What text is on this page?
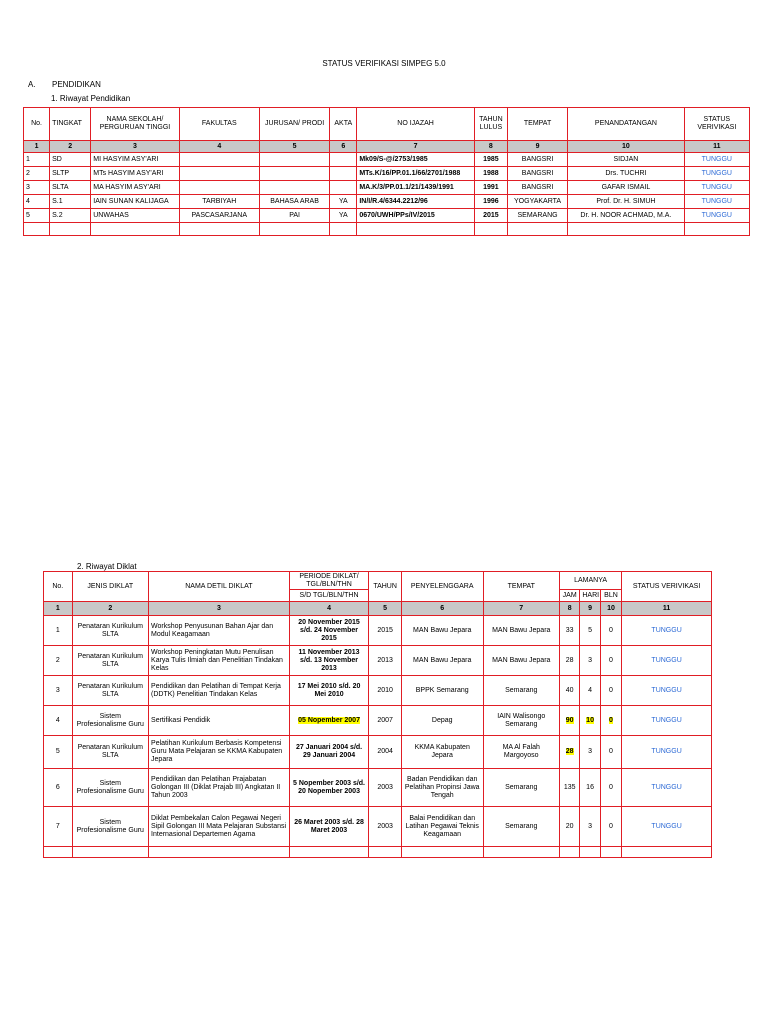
STATUS VERIFIKASI SIMPEG 5.0
A. PENDIDIKAN
1. Riwayat Pendidikan
No.	TINGKAT	NAMA SEKOLAH/ PERGURUAN TINGGI	FAKULTAS	JURUSAN/ PRODI	AKTA	NO IJAZAH	TAHUN LULUS	TEMPAT	PENANDATANGAN	STATUS VERIVIKASI
1	2	3	4	5	6	7	8	9	10	11
1	SD	MI HASYIM ASY'ARI				Mk09/S-@/2753/1985	1985	BANGSRI	SIDJAN	TUNGGU
2	SLTP	MTs HASYIM ASY'ARI				MTs.K/16/PP.01.1/66/2701/1988	1988	BANGSRI	Drs. TUCHRI	TUNGGU
3	SLTA	MA HASYIM ASY'ARI				MA.K/3/PP.01.1/21/1439/1991	1991	BANGSRI	GAFAR ISMAIL	TUNGGU
4	S.1	IAIN SUNAN KALIJAGA	TARBIYAH	BAHASA ARAB	YA	IN/I/R.4/6344.2212/96	1996	YOGYAKARTA	Prof. Dr. H. SIMUH	TUNGGU
5	S.2	UNWAHAS	PASCASARJANA	PAI	YA	0670/UWH/PPs/IV/2015	2015	SEMARANG	Dr. H. NOOR ACHMAD, M.A.	TUNGGU

2. Riwayat Diklat
No.	JENIS DIKLAT	NAMA DETIL DIKLAT	PERIODE DIKLAT/ TGL/BLN/THN	TAHUN	PENYELENGGARA	TEMPAT	LAMANYA			STATUS VERIVIKASI
			S/D TGL/BLN/THN				JAM	HARI	BLN	
1	2	3	4	5	6	7	8	9	10	11
1	Penataran Kurikulum SLTA	Workshop Penyusunan Bahan Ajar dan Modul Keagamaan	20 November 2015 s/d. 24 November 2015	2015	MAN Bawu Jepara	MAN Bawu Jepara	33	5	0	TUNGGU
2	Penataran Kurikulum SLTA	Workshop Peningkatan Mutu Penulisan Karya Tulis Ilmiah dan Penelitian Tindakan Kelas	11 November 2013 s/d. 13 November 2013	2013	MAN Bawu Jepara	MAN Bawu Jepara	28	3	0	TUNGGU
3	Penataran Kurikulum SLTA	Pendidikan dan Pelatihan di Tempat Kerja (DDTK) Penelitian Tindakan Kelas	17 Mei 2010 s/d. 20 Mei 2010	2010	BPPK Semarang	Semarang	40	4	0	TUNGGU
4	Sistem Profesionalisme Guru	Sertifikasi Pendidik	05 Nopember 2007	2007	Depag	IAIN Walisongo Semarang	90	10	0	TUNGGU
5	Penataran Kurikulum SLTA	Pelatihan Kurikulum Berbasis Kompetensi Guru Mata Pelajaran se KKMA Kabupaten Jepara	27 Januari 2004 s/d. 29 Januari 2004	2004	KKMA Kabupaten Jepara	MA Al Falah Margoyoso	28	3	0	TUNGGU
6	Sistem Profesionalisme Guru	Pendidikan dan Pelatihan Prajabatan Golongan III (Diklat Prajab III) Angkatan II Tahun 2003	5 Nopember 2003 s/d. 20 Nopember 2003	2003	Badan Pendidikan dan Pelatihan Propinsi Jawa Tengah	Semarang	135	16	0	TUNGGU
7	Sistem Profesionalisme Guru	Diklat Pembekalan Calon Pegawai Negeri Sipil Golongan III Mata Pelajaran Substansi Internasional Departemen Agama	26 Maret 2003 s/d. 28 Maret 2003	2003	Balai Pendidikan dan Latihan Pegawai Teknis Keagamaan	Semarang	20	3	0	TUNGGU
